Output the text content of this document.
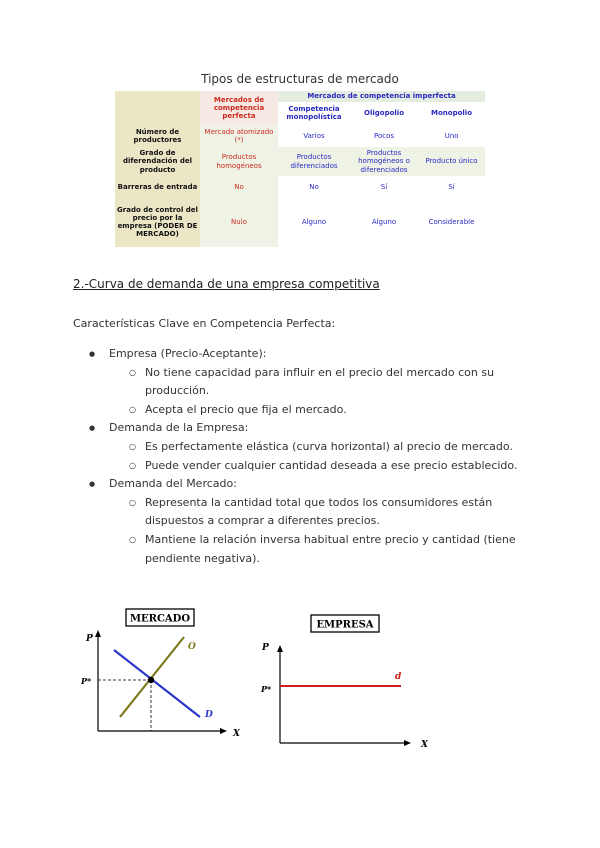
Tipos de estructuras de mercado
	Mercados de competencia perfecta	Mercados de competencia imperfecta		
		Competencia monopolística	Oligopolio	Monopolio
Número de productores	Mercado atomizado (*)	Varios	Pocos	Uno
Grado de diferendación del producto	Productos homogéneos	Productos diferenciados	Productos homogéneos o diferenciados	Producto único
Barreras de entrada	No	No	Sí	Sí
Grado de control del precio por la empresa (PODER DE MERCADO)	Nulo	Alguno	Alguno	Considerable
2.-Curva de demanda de una empresa competitiva
Características Clave en Competencia Perfecta:
● Empresa (Precio-Aceptante):
○ No tiene capacidad para influir en el precio del mercado con su producción.
○ Acepta el precio que fija el mercado.
● Demanda de la Empresa:
○ Es perfectamente elástica (curva horizontal) al precio de mercado.
○ Puede vender cualquier cantidad deseada a ese precio establecido.
● Demanda del Mercado:
○ Representa la cantidad total que todos los consumidores están dispuestos a comprar a diferentes precios.
○ Mantiene la relación inversa habitual entre precio y cantidad (tiene pendiente negativa).
MERCADO
P
X
O
D
P*
EMPRESA
P
X
d
P*
